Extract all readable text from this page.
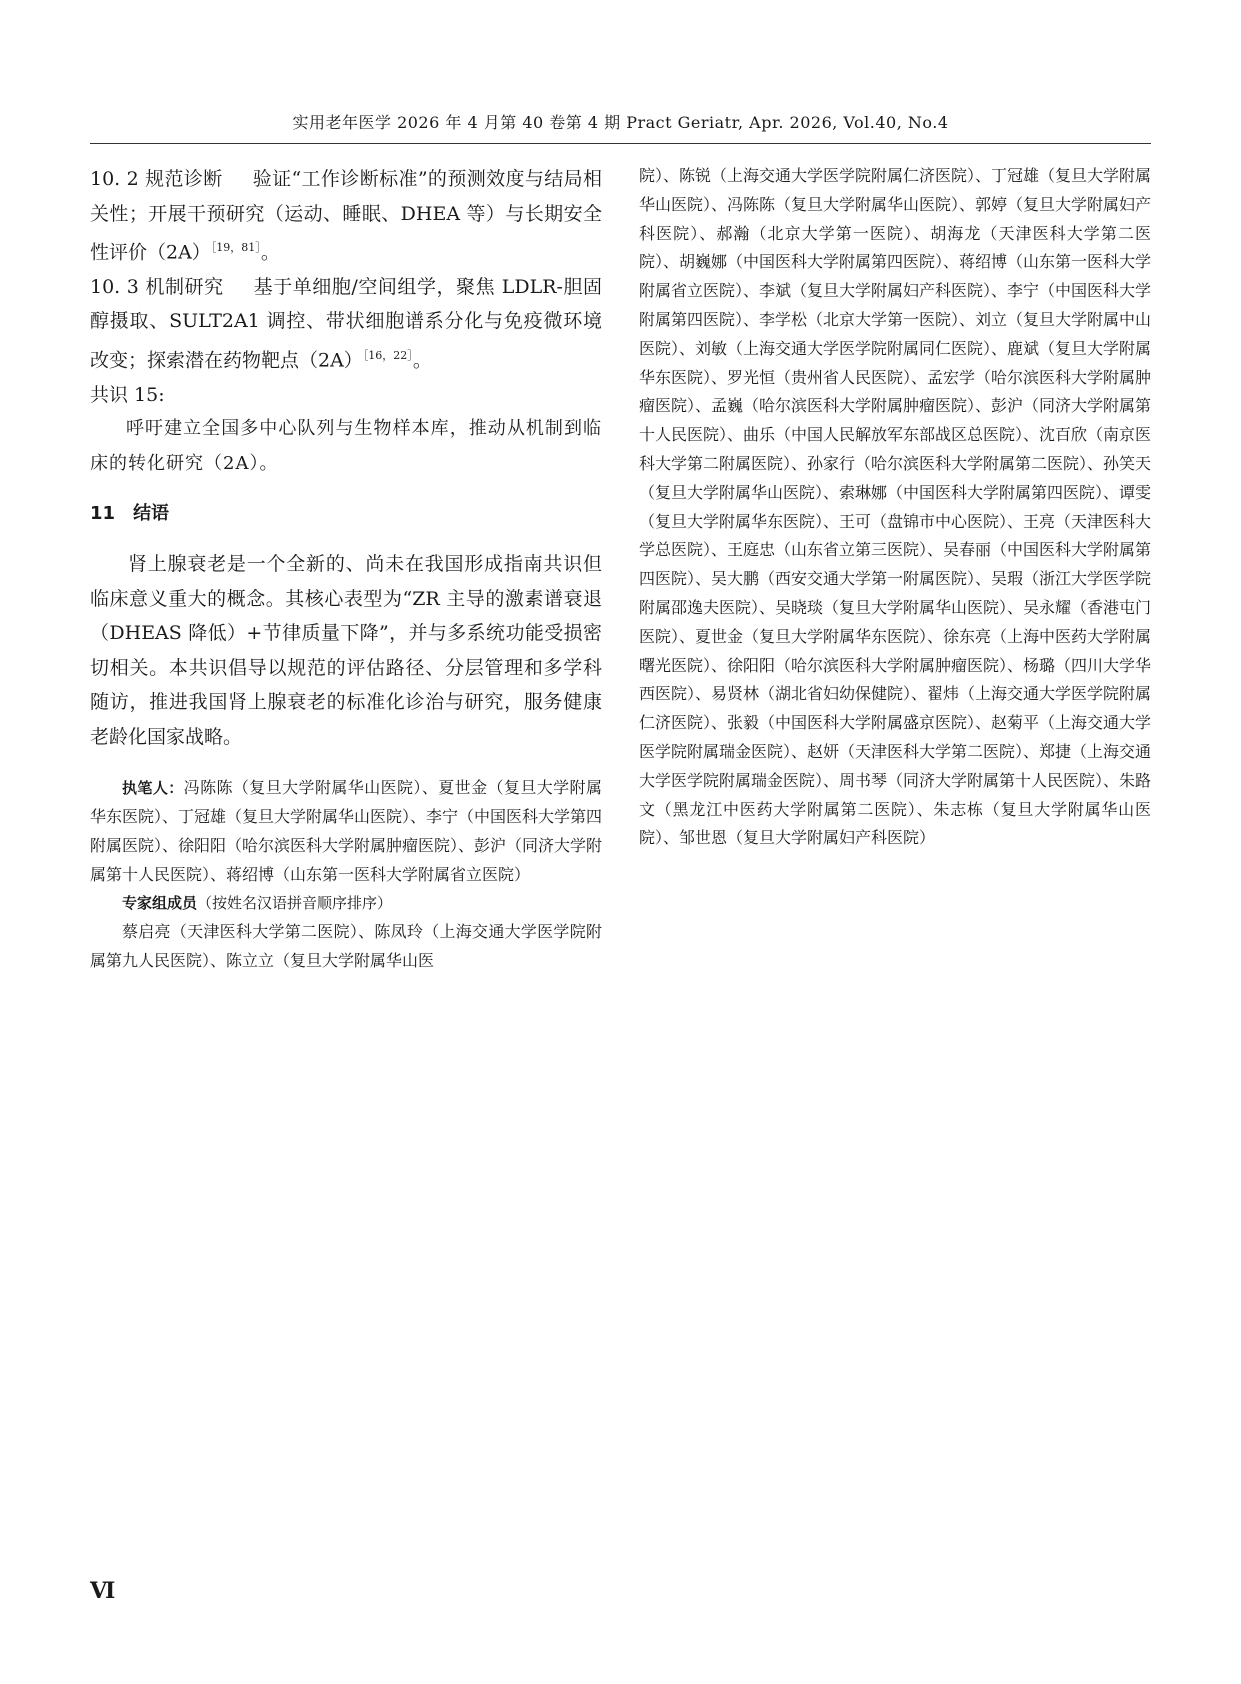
实用老年医学 2026 年 4 月第 40 卷第 4 期 Pract Geriatr, Apr. 2026, Vol.40, No.4

10. 2 规范诊断 验证“工作诊断标准”的预测效度与结局相关性；开展干预研究（运动、睡眠、DHEA 等）与长期安全性评价$(2A)^{[19,81]}$。

10. 3 机制研究 基于单细胞/空间组学，聚焦 LDLR-胆固醇摄取、SULT2A1 调控、带状细胞谱系分化与免疫微环境改变；探索潜在药物靶点$(2A)^{[16,22]}$。

共识 15:

呼吁建立全国多中心队列与生物样本库，推动从机制到临床的转化研究（2A）。

11 结语

肾上腺衰老是一个全新的、尚未在我国形成指南共识但临床意义重大的概念。其核心表型为“ZR 主导的激素谱衰退（DHEAS 降低）+节律质量下降”，并与多系统功能受损密切相关。本共识倡导以规范的评估路径、分层管理和多学科随访，推进我国肾上腺衰老的标准化诊治与研究，服务健康老龄化国家战略。

执笔人：冯陈陈（复旦大学附属华山医院）、夏世金（复旦大学附属华东医院）、丁冠雄（复旦大学附属华山医院）、李宁（中国医科大学第四附属医院）、徐阳阳（哈尔滨医科大学附属肿瘤医院）、彭沪（同济大学附属第十人民医院）、蒋绍博（山东第一医科大学附属省立医院）

专家组成员（按姓名汉语拼音顺序排序）

蔡启亮（天津医科大学第二医院）、陈凤玲（上海交通大学医学院附属第九人民医院）、陈立立（复旦大学附属华山医

院）、陈锐（上海交通大学医学院附属仁济医院）、丁冠雄（复旦大学附属华山医院）、冯陈陈（复旦大学附属华山医院）、郭婷（复旦大学附属妇产科医院）、郝瀚（北京大学第一医院）、胡海龙（天津医科大学第二医院）、胡巍娜（中国医科大学附属第四医院）、蒋绍博（山东第一医科大学附属省立医院）、李斌（复旦大学附属妇产科医院）、李宁（中国医科大学附属第四医院）、李学松（北京大学第一医院）、刘立（复旦大学附属中山医院）、刘敏（上海交通大学医学院附属同仁医院）、鹿斌（复旦大学附属华东医院）、罗光恒（贵州省人民医院）、孟宏学（哈尔滨医科大学附属肿瘤医院）、孟巍（哈尔滨医科大学附属肿瘤医院）、彭沪（同济大学附属第十人民医院）、曲乐（中国人民解放军东部战区总医院）、沈百欣（南京医科大学第二附属医院）、孙家行（哈尔滨医科大学附属第二医院）、孙笑天（复旦大学附属华山医院）、索琳娜（中国医科大学附属第四医院）、谭雯（复旦大学附属华东医院）、王可（盘锦市中心医院）、王亮（天津医科大学总医院）、王庭忠（山东省立第三医院）、吴春丽（中国医科大学附属第四医院）、吴大鹏（西安交通大学第一附属医院）、吴瑕（浙江大学医学院附属邵逸夫医院）、吴晓琰（复旦大学附属华山医院）、吴永耀（香港屯门医院）、夏世金（复旦大学附属华东医院）、徐东亮（上海中医药大学附属曙光医院）、徐阳阳（哈尔滨医科大学附属肿瘤医院）、杨璐（四川大学华西医院）、易贤林（湖北省妇幼保健院）、翟炜（上海交通大学医学院附属仁济医院）、张毅（中国医科大学附属盛京医院）、赵菊平（上海交通大学医学院附属瑞金医院）、赵妍（天津医科大学第二医院）、郑捷（上海交通大学医学院附属瑞金医院）、周书琴（同济大学附属第十人民医院）、朱路文（黑龙江中医药大学附属第二医院）、朱志栋（复旦大学附属华山医院）、邹世恩（复旦大学附属妇产科医院）

Ⅵ
